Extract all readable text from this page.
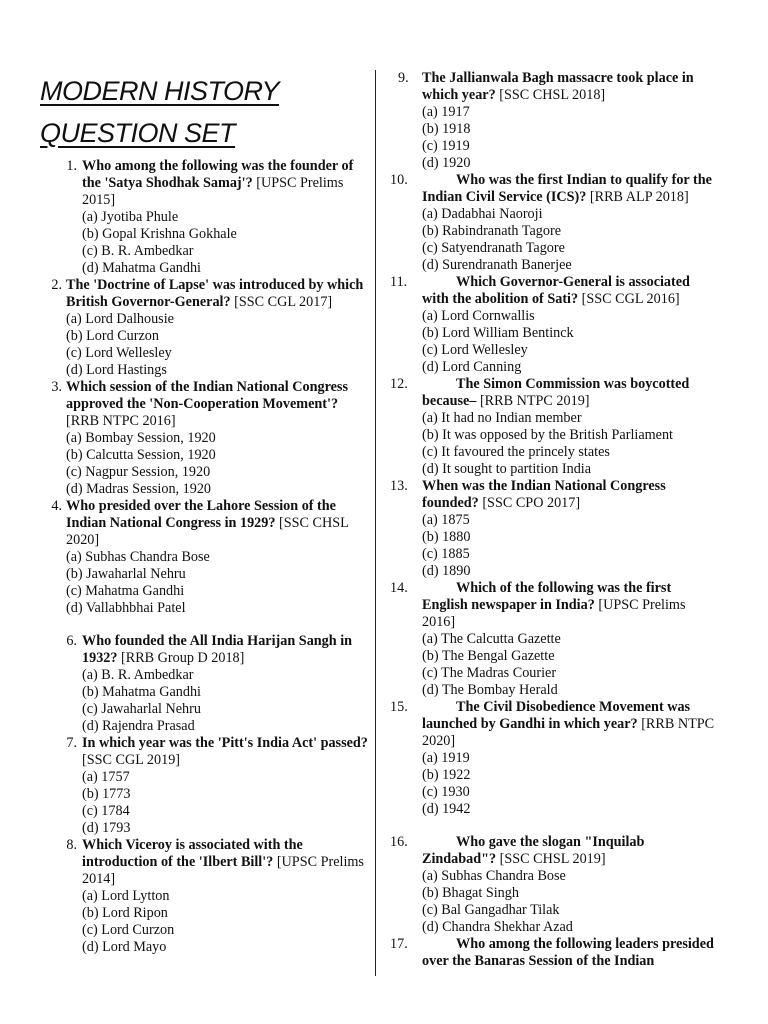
MODERN HISTORY QUESTION SET
1. Who among the following was the founder of the 'Satya Shodhak Samaj'? [UPSC Prelims 2015]
(a) Jyotiba Phule
(b) Gopal Krishna Gokhale
(c) B. R. Ambedkar
(d) Mahatma Gandhi
2. The 'Doctrine of Lapse' was introduced by which British Governor-General? [SSC CGL 2017]
(a) Lord Dalhousie
(b) Lord Curzon
(c) Lord Wellesley
(d) Lord Hastings
3. Which session of the Indian National Congress approved the 'Non-Cooperation Movement'? [RRB NTPC 2016]
(a) Bombay Session, 1920
(b) Calcutta Session, 1920
(c) Nagpur Session, 1920
(d) Madras Session, 1920
4. Who presided over the Lahore Session of the Indian National Congress in 1929? [SSC CHSL 2020]
(a) Subhas Chandra Bose
(b) Jawaharlal Nehru
(c) Mahatma Gandhi
(d) Vallabhbhai Patel
6. Who founded the All India Harijan Sangh in 1932? [RRB Group D 2018]
(a) B. R. Ambedkar
(b) Mahatma Gandhi
(c) Jawaharlal Nehru
(d) Rajendra Prasad
7. In which year was the 'Pitt's India Act' passed? [SSC CGL 2019]
(a) 1757
(b) 1773
(c) 1784
(d) 1793
8. Which Viceroy is associated with the introduction of the 'Ilbert Bill'? [UPSC Prelims 2014]
(a) Lord Lytton
(b) Lord Ripon
(c) Lord Curzon
(d) Lord Mayo
9. The Jallianwala Bagh massacre took place in which year? [SSC CHSL 2018]
(a) 1917
(b) 1918
(c) 1919
(d) 1920
10.	Who was the first Indian to qualify for the Indian Civil Service (ICS)? [RRB ALP 2018]
(a) Dadabhai Naoroji
(b) Rabindranath Tagore
(c) Satyendranath Tagore
(d) Surendranath Banerjee
11.	Which Governor-General is associated with the abolition of Sati? [SSC CGL 2016]
(a) Lord Cornwallis
(b) Lord William Bentinck
(c) Lord Wellesley
(d) Lord Canning
12.	The Simon Commission was boycotted because– [RRB NTPC 2019]
(a) It had no Indian member
(b) It was opposed by the British Parliament
(c) It favoured the princely states
(d) It sought to partition India
13.	When was the Indian National Congress founded? [SSC CPO 2017]
(a) 1875
(b) 1880
(c) 1885
(d) 1890
14.	Which of the following was the first English newspaper in India? [UPSC Prelims 2016]
(a) The Calcutta Gazette
(b) The Bengal Gazette
(c) The Madras Courier
(d) The Bombay Herald
15.	The Civil Disobedience Movement was launched by Gandhi in which year? [RRB NTPC 2020]
(a) 1919
(b) 1922
(c) 1930
(d) 1942
16.	Who gave the slogan "Inquilab Zindabad"? [SSC CHSL 2019]
(a) Subhas Chandra Bose
(b) Bhagat Singh
(c) Bal Gangadhar Tilak
(d) Chandra Shekhar Azad
17.	Who among the following leaders presided over the Banaras Session of the Indian
